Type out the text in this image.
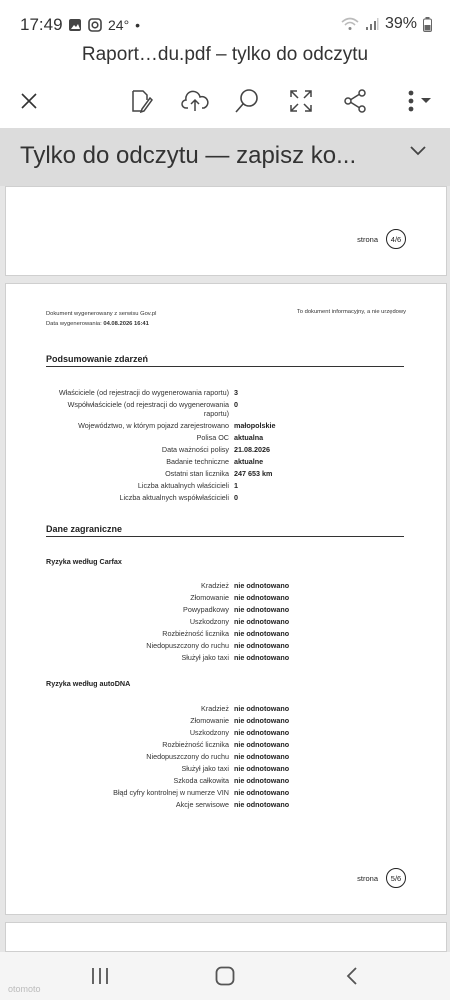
17:49	24° •	39%
Raport…du.pdf – tylko do odczytu
Tylko do odczytu — zapisz ko...
strona	4/6
Dokument wygenerowany z serwisu Gov.pl
Data wygenerowania: 04.08.2026 16:41
To dokument informacyjny, a nie urzędowy
Podsumowanie zdarzeń
Właściciele (od rejestracji do wygenerowania raportu) 3
Współwłaściciele (od rejestracji do wygenerowania
raportu)
0
Województwo, w którym pojazd zarejestrowano małopolskie
Polisa OC aktualna
Data ważności polisy 21.08.2026
Badanie techniczne aktualne
Ostatni stan licznika 247 653 km
Liczba aktualnych właścicieli 1
Liczba aktualnych współwłaścicieli 0
Dane zagraniczne
Ryzyka według Carfax
Kradzież nie odnotowano
Złomowanie nie odnotowano
Powypadkowy nie odnotowano
Uszkodzony nie odnotowano
Rozbieżność licznika nie odnotowano
Niedopuszczony do ruchu nie odnotowano
Służył jako taxi nie odnotowano
Ryzyka według autoDNA
Kradzież nie odnotowano
Złomowanie nie odnotowano
Uszkodzony nie odnotowano
Rozbieżność licznika nie odnotowano
Niedopuszczony do ruchu nie odnotowano
Służył jako taxi nie odnotowano
Szkoda całkowita nie odnotowano
Błąd cyfry kontrolnej w numerze VIN nie odnotowano
Akcje serwisowe nie odnotowano
strona	5/6
otomoto
